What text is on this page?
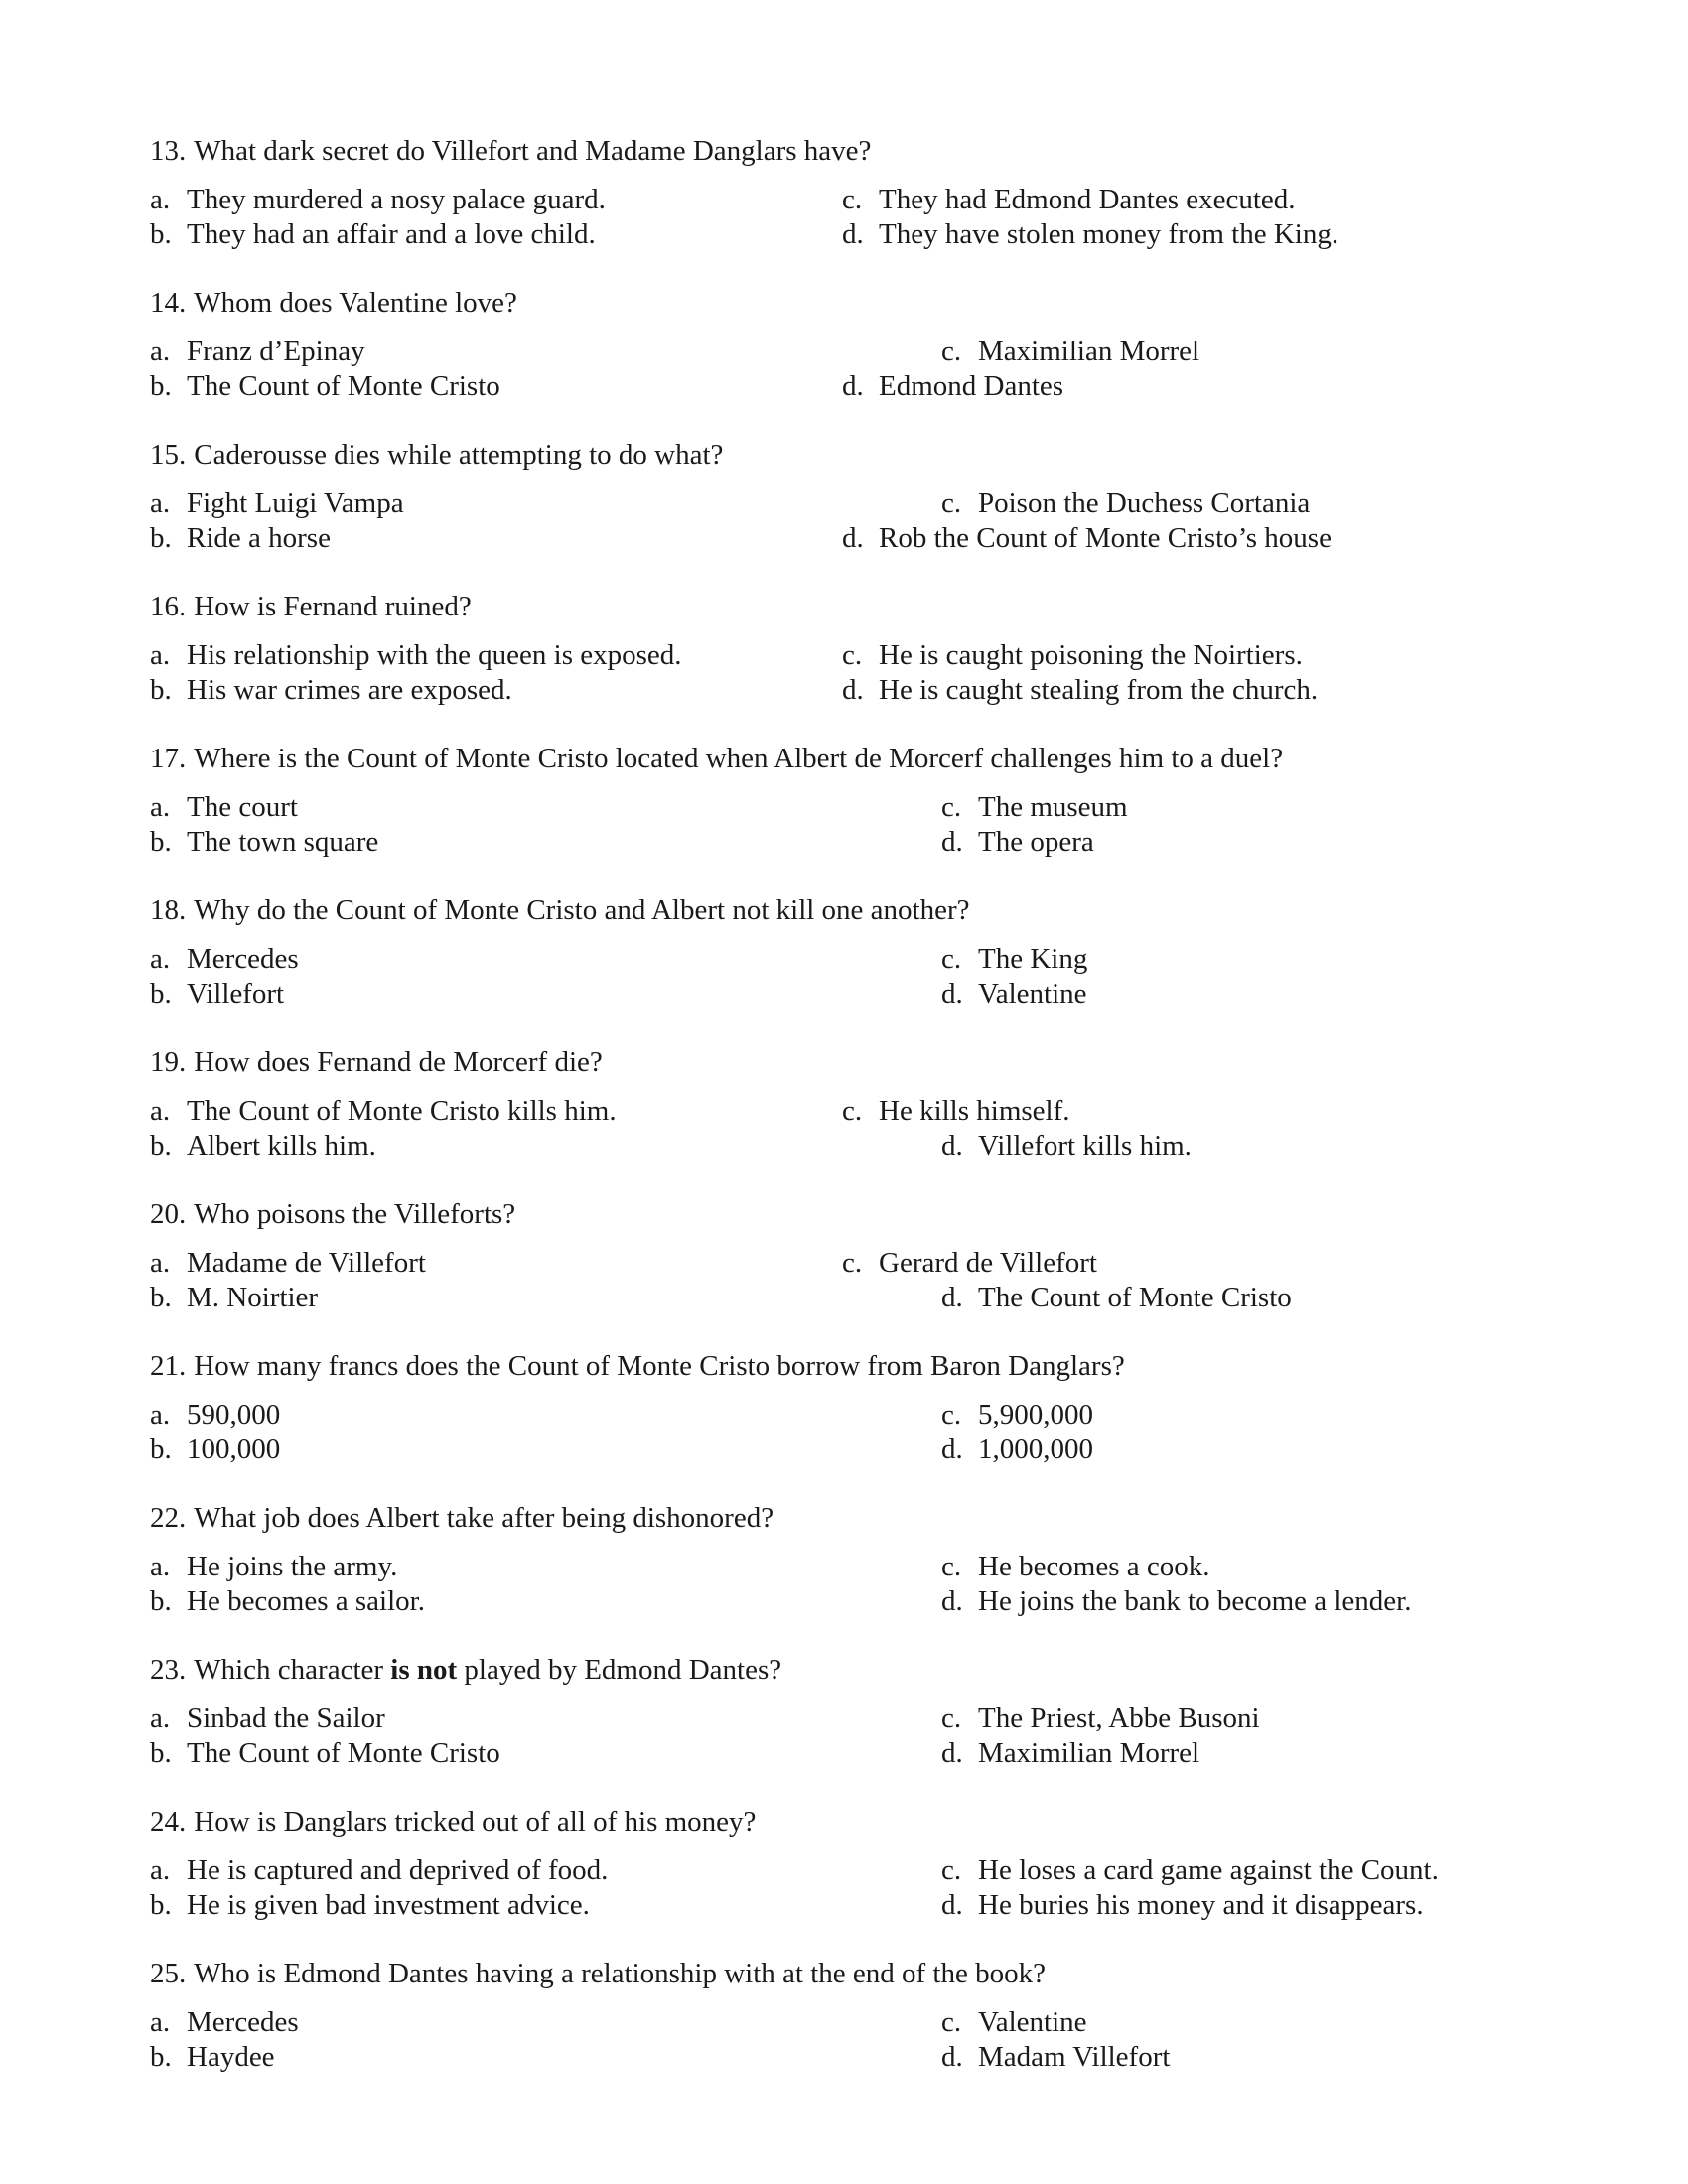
13. What dark secret do Villefort and Madame Danglars have?
a. They murdered a nosy palace guard.
b. They had an affair and a love child.
c. They had Edmond Dantes executed.
d. They have stolen money from the King.
14. Whom does Valentine love?
a. Franz d’Epinay
b. The Count of Monte Cristo
c. Maximilian Morrel
d. Edmond Dantes
15. Caderousse dies while attempting to do what?
a. Fight Luigi Vampa
b. Ride a horse
c. Poison the Duchess Cortania
d. Rob the Count of Monte Cristo’s house
16. How is Fernand ruined?
a. His relationship with the queen is exposed.
b. His war crimes are exposed.
c. He is caught poisoning the Noirtiers.
d. He is caught stealing from the church.
17. Where is the Count of Monte Cristo located when Albert de Morcerf challenges him to a duel?
a. The court
b. The town square
c. The museum
d. The opera
18. Why do the Count of Monte Cristo and Albert not kill one another?
a. Mercedes
b. Villefort
c. The King
d. Valentine
19. How does Fernand de Morcerf die?
a. The Count of Monte Cristo kills him.
b. Albert kills him.
c. He kills himself.
d. Villefort kills him.
20. Who poisons the Villeforts?
a. Madame de Villefort
b. M. Noirtier
c. Gerard de Villefort
d. The Count of Monte Cristo
21. How many francs does the Count of Monte Cristo borrow from Baron Danglars?
a. 590,000
b. 100,000
c. 5,900,000
d. 1,000,000
22. What job does Albert take after being dishonored?
a. He joins the army.
b. He becomes a sailor.
c. He becomes a cook.
d. He joins the bank to become a lender.
23. Which character is not played by Edmond Dantes?
a. Sinbad the Sailor
b. The Count of Monte Cristo
c. The Priest, Abbe Busoni
d. Maximilian Morrel
24. How is Danglars tricked out of all of his money?
a. He is captured and deprived of food.
b. He is given bad investment advice.
c. He loses a card game against the Count.
d. He buries his money and it disappears.
25. Who is Edmond Dantes having a relationship with at the end of the book?
a. Mercedes
b. Haydee
c. Valentine
d. Madam Villefort
